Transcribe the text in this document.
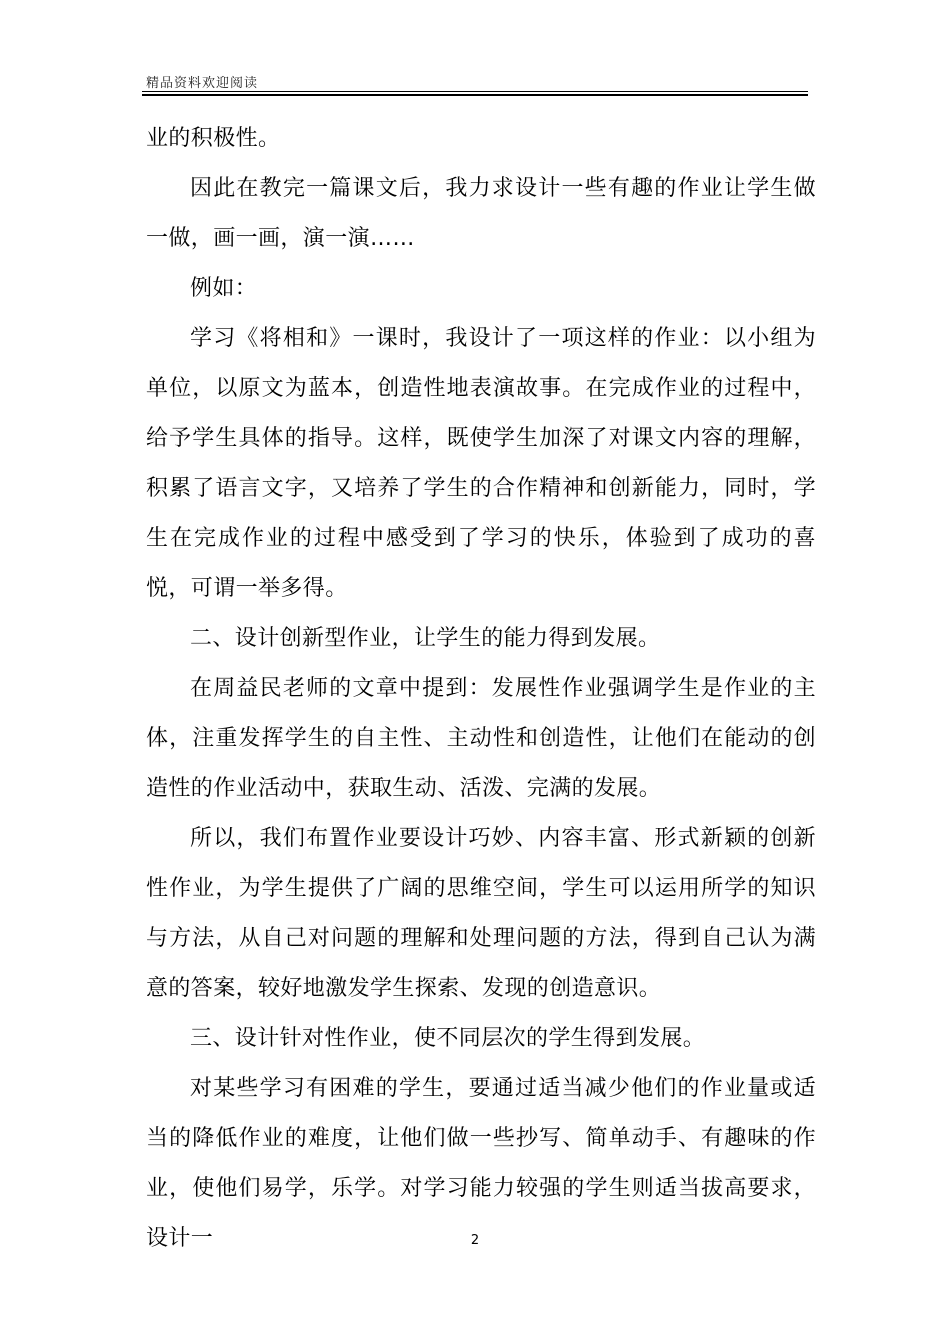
精品资料欢迎阅读

业的积极性。

因此在教完一篇课文后，我力求设计一些有趣的作业让学生做一做，画一画，演一演……

例如：

学习《将相和》一课时，我设计了一项这样的作业：以小组为单位，以原文为蓝本，创造性地表演故事。在完成作业的过程中，给予学生具体的指导。这样，既使学生加深了对课文内容的理解，积累了语言文字，又培养了学生的合作精神和创新能力，同时，学生在完成作业的过程中感受到了学习的快乐，体验到了成功的喜悦，可谓一举多得。

二、设计创新型作业，让学生的能力得到发展。

在周益民老师的文章中提到：发展性作业强调学生是作业的主体，注重发挥学生的自主性、主动性和创造性，让他们在能动的创造性的作业活动中，获取生动、活泼、完满的发展。

所以，我们布置作业要设计巧妙、内容丰富、形式新颖的创新性作业，为学生提供了广阔的思维空间，学生可以运用所学的知识与方法，从自己对问题的理解和处理问题的方法，得到自己认为满意的答案，较好地激发学生探索、发现的创造意识。

三、设计针对性作业，使不同层次的学生得到发展。

对某些学习有困难的学生，要通过适当减少他们的作业量或适当的降低作业的难度，让他们做一些抄写、简单动手、有趣味的作业，使他们易学，乐学。对学习能力较强的学生则适当拔高要求，设计一	2
